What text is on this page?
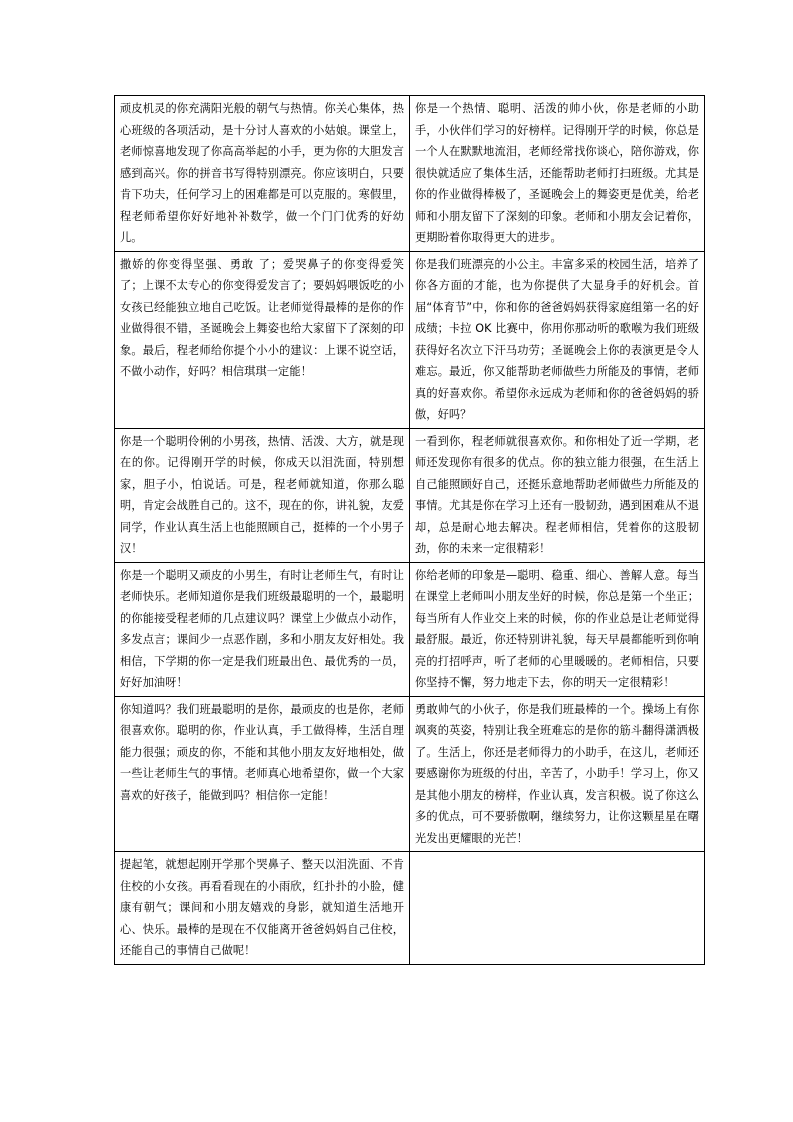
顽皮机灵的你充满阳光般的朝气与热情。你关心集体，热心班级的各项活动，是十分讨人喜欢的小姑娘。课堂上，老师惊喜地发现了你高高举起的小手，更为你的大胆发言感到高兴。你的拼音书写得特别漂亮。你应该明白，只要肯下功夫，任何学习上的困难都是可以克服的。寒假里，程老师希望你好好地补补数学，做一个门门优秀的好幼儿。	你是一个热情、聪明、活泼的帅小伙，你是老师的小助手，小伙伴们学习的好榜样。记得刚开学的时候，你总是一个人在默默地流泪，老师经常找你谈心，陪你游戏，你很快就适应了集体生活，还能帮助老师打扫班级。尤其是你的作业做得棒极了，圣诞晚会上的舞姿更是优美，给老师和小朋友留下了深刻的印象。老师和小朋友会记着你，更期盼着你取得更大的进步。
撒娇的你变得坚强、勇敢 了；爱哭鼻子的你变得爱笑了；上课不太专心的你变得爱发言了；要妈妈喂饭吃的小女孩已经能独立地自己吃饭。让老师觉得最棒的是你的作业做得很不错，圣诞晚会上舞姿也给大家留下了深刻的印象。最后，程老师给你提个小小的建议：上课不说空话，不做小动作，好吗？相信琪琪一定能！	你是我们班漂亮的小公主。丰富多采的校园生活，培养了你各方面的才能，也为你提供了大显身手的好机会。首届“体育节”中，你和你的爸爸妈妈获得家庭组第一名的好成绩；卡拉 OK 比赛中，你用你那动听的歌喉为我们班级获得好名次立下汗马功劳；圣诞晚会上你的表演更是令人难忘。最近，你又能帮助老师做些力所能及的事情，老师真的好喜欢你。希望你永远成为老师和你的爸爸妈妈的骄傲，好吗？
你是一个聪明伶俐的小男孩，热情、活泼、大方，就是现在的你。记得刚开学的时候，你成天以泪洗面，特别想家，胆子小，怕说话。可是，程老师就知道，你那么聪明，肯定会战胜自己的。这不，现在的你，讲礼貌，友爱同学，作业认真生活上也能照顾自己，挺棒的一个小男子汉！	一看到你，程老师就很喜欢你。和你相处了近一学期，老师还发现你有很多的优点。你的独立能力很强，在生活上自己能照顾好自己，还挺乐意地帮助老师做些力所能及的事情。尤其是你在学习上还有一股韧劲，遇到困难从不退却，总是耐心地去解决。程老师相信，凭着你的这股韧劲，你的未来一定很精彩！
你是一个聪明又顽皮的小男生，有时让老师生气，有时让老师快乐。老师知道你是我们班级最聪明的一个，最聪明的你能接受程老师的几点建议吗？课堂上少做点小动作，多发点言；课间少一点恶作剧，多和小朋友友好相处。我相信，下学期的你一定是我们班最出色、最优秀的一员，好好加油呀！	你给老师的印象是—聪明、稳重、细心、善解人意。每当在课堂上老师叫小朋友坐好的时候，你总是第一个坐正；每当所有人作业交上来的时候，你的作业总是让老师觉得最舒服。最近，你还特别讲礼貌，每天早晨都能听到你响亮的打招呼声，听了老师的心里暖暖的。老师相信，只要你坚持不懈，努力地走下去，你的明天一定很精彩！
你知道吗？我们班最聪明的是你，最顽皮的也是你，老师很喜欢你。聪明的你，作业认真，手工做得棒，生活自理能力很强；顽皮的你，不能和其他小朋友友好地相处，做一些让老师生气的事情。老师真心地希望你，做一个大家喜欢的好孩子，能做到吗？相信你一定能！	勇敢帅气的小伙子，你是我们班最棒的一个。操场上有你飒爽的英姿，特别让我全班难忘的是你的筋斗翻得潇洒极了。生活上，你还是老师得力的小助手，在这儿，老师还要感谢你为班级的付出，辛苦了，小助手！学习上，你又是其他小朋友的榜样，作业认真，发言积极。说了你这么多的优点，可不要骄傲啊，继续努力，让你这颗星星在曙光发出更耀眼的光芒！
提起笔，就想起刚开学那个哭鼻子、整天以泪洗面、不肯住校的小女孩。再看看现在的小雨欣，红扑扑的小脸，健康有朝气；课间和小朋友嬉戏的身影，就知道生活地开心、快乐。最棒的是现在不仅能离开爸爸妈妈自己住校，还能自己的事情自己做呢！	
